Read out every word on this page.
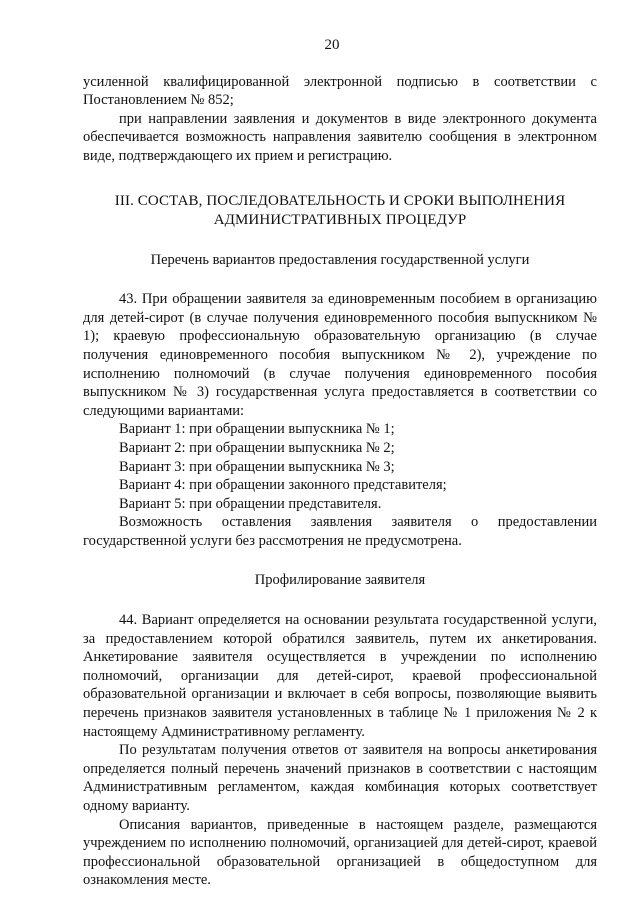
20

усиленной квалифицированной электронной подписью в соответствии с Постановлением № 852;

при направлении заявления и документов в виде электронного документа обеспечивается возможность направления заявителю сообщения в электронном виде, подтверждающего их прием и регистрацию.

III. СОСТАВ, ПОСЛЕДОВАТЕЛЬНОСТЬ И СРОКИ ВЫПОЛНЕНИЯ
АДМИНИСТРАТИВНЫХ ПРОЦЕДУР
Перечень вариантов предоставления государственной услуги

43. При обращении заявителя за единовременным пособием в организацию для детей-сирот (в случае получения единовременного пособия выпускником № 1); краевую профессиональную образовательную организацию (в случае получения единовременного пособия выпускником № 2), учреждение по исполнению полномочий (в случае получения единовременного пособия выпускником № 3) государственная услуга предоставляется в соответствии со следующими вариантами:

Вариант 1: при обращении выпускника № 1;

Вариант 2: при обращении выпускника № 2;

Вариант 3: при обращении выпускника № 3;

Вариант 4: при обращении законного представителя;

Вариант 5: при обращении представителя.

Возможность оставления заявления заявителя о предоставлении государственной услуги без рассмотрения не предусмотрена.

Профилирование заявителя

44. Вариант определяется на основании результата государственной услуги, за предоставлением которой обратился заявитель, путем их анкетирования. Анкетирование заявителя осуществляется в учреждении по исполнению полномочий, организации для детей-сирот, краевой профессиональной образовательной организации и включает в себя вопросы, позволяющие выявить перечень признаков заявителя установленных в таблице № 1 приложения № 2 к настоящему Административному регламенту.

По результатам получения ответов от заявителя на вопросы анкетирования определяется полный перечень значений признаков в соответствии с настоящим Административным регламентом, каждая комбинация которых соответствует одному варианту.

Описания вариантов, приведенные в настоящем разделе, размещаются учреждением по исполнению полномочий, организацией для детей-сирот, краевой профессиональной образовательной организацией в общедоступном для ознакомления месте.
